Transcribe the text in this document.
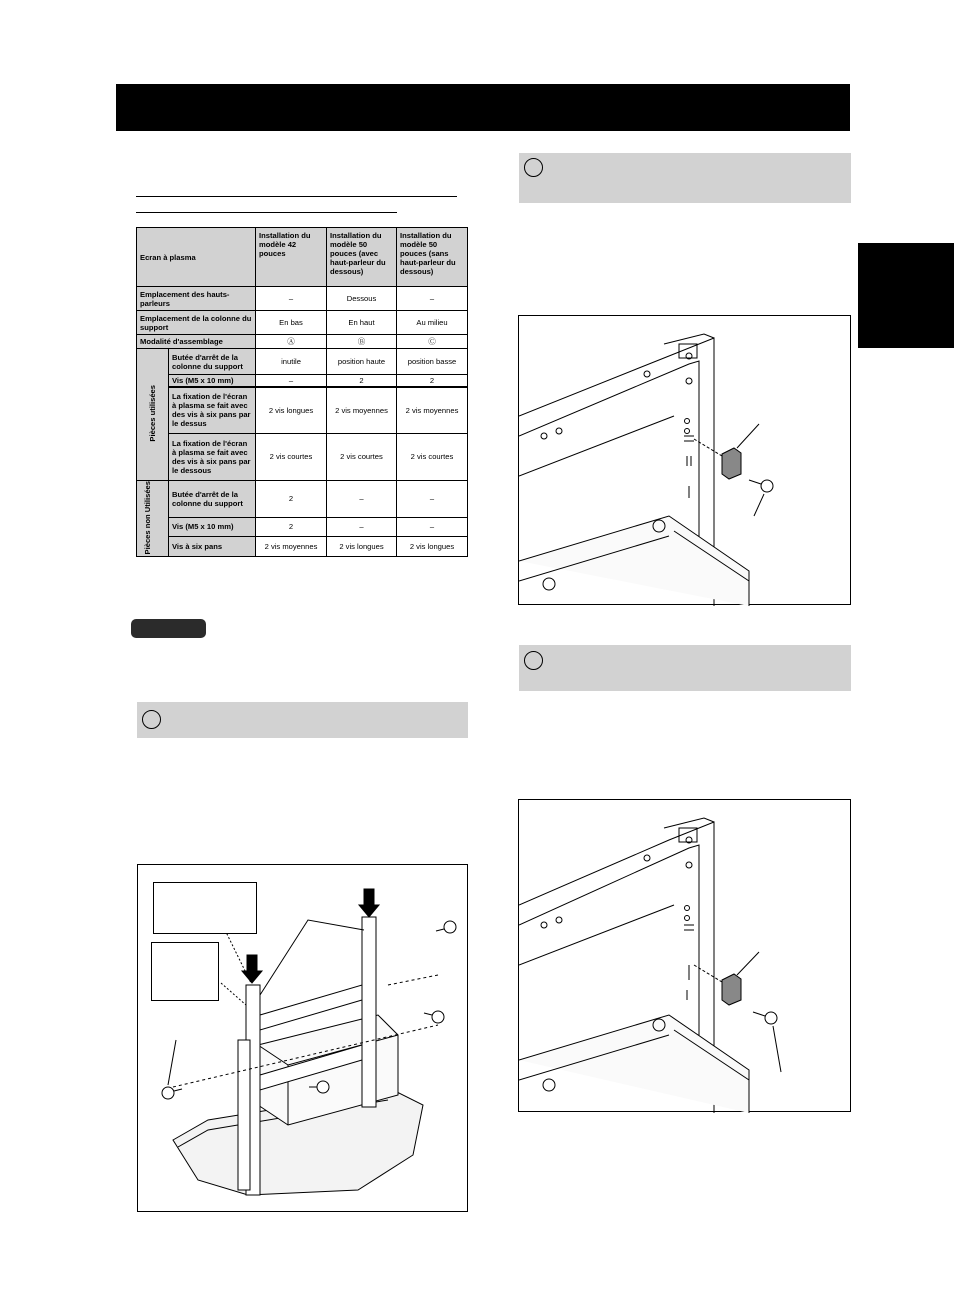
Ecran à plasma		Installation du modèle 42 pouces	Installation du modèle 50 pouces (avec haut-parleur du dessous)	Installation du modèle 50 pouces (sans haut-parleur du dessous)
Emplacement des hauts-parleurs		–	Dessous	–
Emplacement de la colonne du support		En bas	En haut	Au milieu
Modalité d'assemblage		Ⓐ	Ⓑ	Ⓒ
Pièces utilisées	Butée d'arrêt de la colonne du support	inutile	position haute	position basse
	Vis (M5 x 10 mm)	–	2	2
	La fixation de l'écran à plasma se fait avec des vis à six pans par le dessus	2 vis longues	2 vis moyennes	2 vis moyennes
	La fixation de l'écran à plasma se fait avec des vis à six pans par le dessous	2 vis courtes	2 vis courtes	2 vis courtes
Pièces non Utilisées	Butée d'arrêt de la colonne du support	2	–	–
	Vis (M5 x 10 mm)	2	–	–
	Vis à six pans	2 vis moyennes	2 vis longues	2 vis longues
